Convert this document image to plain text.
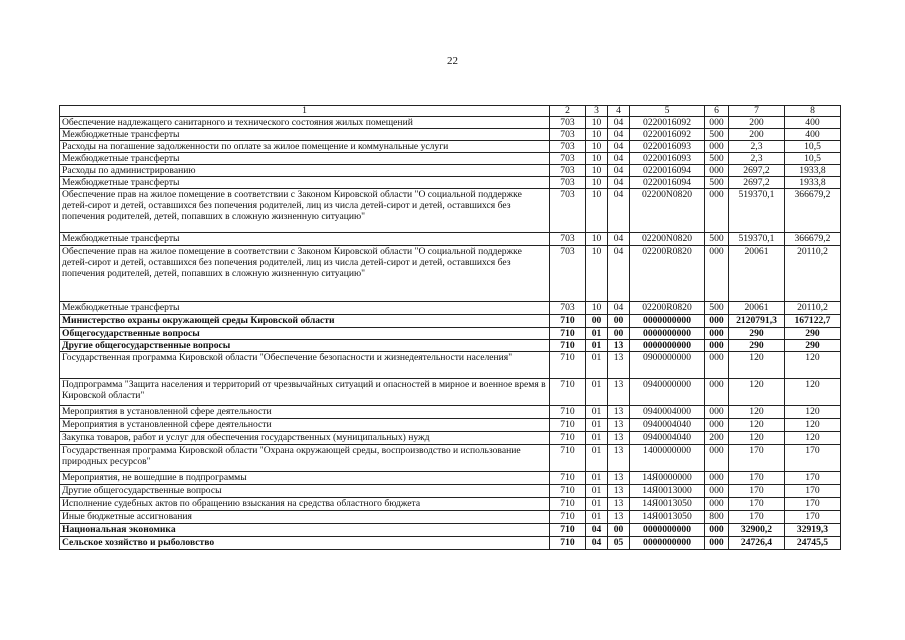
22
1	2	3	4	5	6	7	8
Обеспечение надлежащего санитарного и технического состояния жилых помещений	703	10	04	0220016092	000	200	400
Межбюджетные трансферты	703	10	04	0220016092	500	200	400
Расходы на погашение задолженности по оплате за жилое помещение и коммунальные услуги	703	10	04	0220016093	000	2,3	10,5
Межбюджетные трансферты	703	10	04	0220016093	500	2,3	10,5
Расходы по администрированию	703	10	04	0220016094	000	2697,2	1933,8
Межбюджетные трансферты	703	10	04	0220016094	500	2697,2	1933,8
Обеспечение прав на жилое помещение в соответствии с Законом Кировской области "О социальной поддержке детей-сирот и детей, оставшихся без попечения родителей, лиц из числа детей-сирот и детей, оставшихся без попечения родителей, детей, попавших в сложную жизненную ситуацию"	703	10	04	02200N0820	000	519370,1	366679,2
Межбюджетные трансферты	703	10	04	02200N0820	500	519370,1	366679,2
Обеспечение прав на жилое помещение в соответствии с Законом Кировской области "О социальной поддержке детей-сирот и детей, оставшихся без попечения родителей, лиц из числа детей-сирот и детей, оставшихся без попечения родителей, детей, попавших в сложную жизненную ситуацию"	703	10	04	02200R0820	000	20061	20110,2
Межбюджетные трансферты	703	10	04	02200R0820	500	20061	20110,2
Министерство охраны окружающей среды Кировской области	710	00	00	0000000000	000	2120791,3	167122,7
Общегосударственные вопросы	710	01	00	0000000000	000	290	290
Другие общегосударственные вопросы	710	01	13	0000000000	000	290	290
Государственная программа Кировской области "Обеспечение безопасности и жизнедеятельности населения"	710	01	13	0900000000	000	120	120
Подпрограмма "Защита населения и территорий от чрезвычайных ситуаций и опасностей в мирное и военное время в Кировской области"	710	01	13	0940000000	000	120	120
Мероприятия в установленной сфере деятельности	710	01	13	0940004000	000	120	120
Мероприятия в установленной сфере деятельности	710	01	13	0940004040	000	120	120
Закупка товаров, работ и услуг для обеспечения государственных (муниципальных) нужд	710	01	13	0940004040	200	120	120
Государственная программа Кировской области "Охрана окружающей среды, воспроизводство и использование природных ресурсов"	710	01	13	1400000000	000	170	170
Мероприятия, не вошедшие в подпрограммы	710	01	13	14Я0000000	000	170	170
Другие общегосударственные вопросы	710	01	13	14Я0013000	000	170	170
Исполнение судебных актов по обращению взыскания на средства областного бюджета	710	01	13	14Я0013050	000	170	170
Иные бюджетные ассигнования	710	01	13	14Я0013050	800	170	170
Национальная экономика	710	04	00	0000000000	000	32900,2	32919,3
Сельское хозяйство и рыболовство	710	04	05	0000000000	000	24726,4	24745,5
